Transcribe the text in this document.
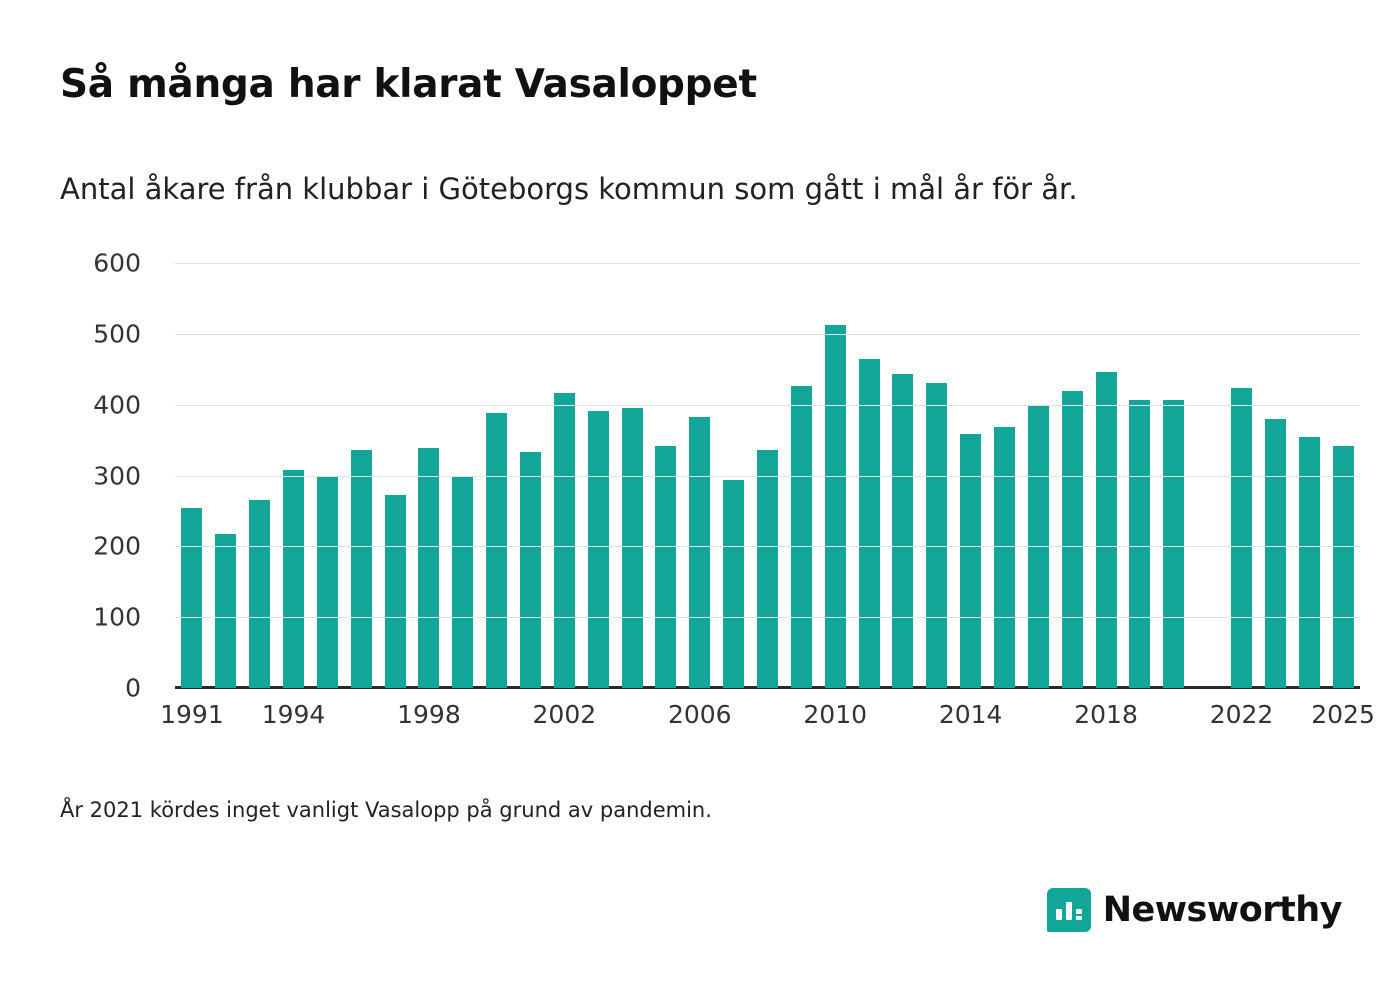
Så många har klarat Vasaloppet
Antal åkare från klubbar i Göteborgs kommun som gått i mål år för år.
0
100
200
300
400
500
600
1991 1994	1998	2002	2006	2010	2014	2018	2022 2025
År 2021 kördes inget vanligt Vasalopp på grund av pandemin.
Newsworthy
